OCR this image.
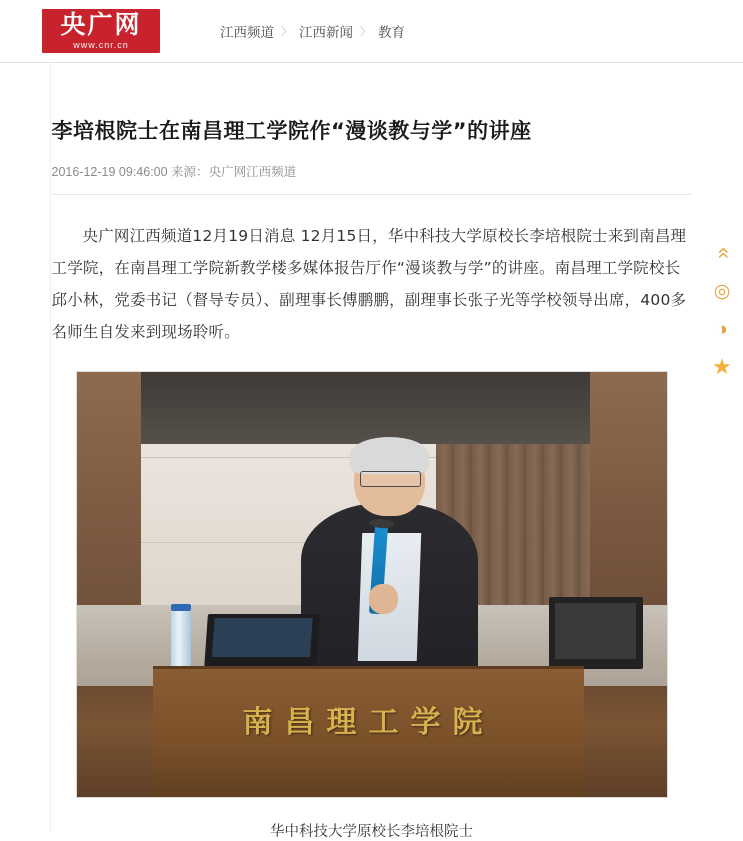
央广网
www.cnr.cn
江西频道 〉 江西新闻 〉 教育
李培根院士在南昌理工学院作“漫谈教与学”的讲座
2016-12-19 09:46:00 来源：央广网江西频道

央广网江西频道12月19日消息 12月15日，华中科技大学原校长李培根院士来到南昌理工学院，在南昌理工学院新教学楼多媒体报告厅作“漫谈教与学”的讲座。南昌理工学院校长邱小林，党委书记（督导专员）、副理事长傅鹏鹏，副理事长张子光等学校领导出席，400多名师生自发来到现场聆听。

南昌理工学院
华中科技大学原校长李培根院士
»
◎
◑
★
